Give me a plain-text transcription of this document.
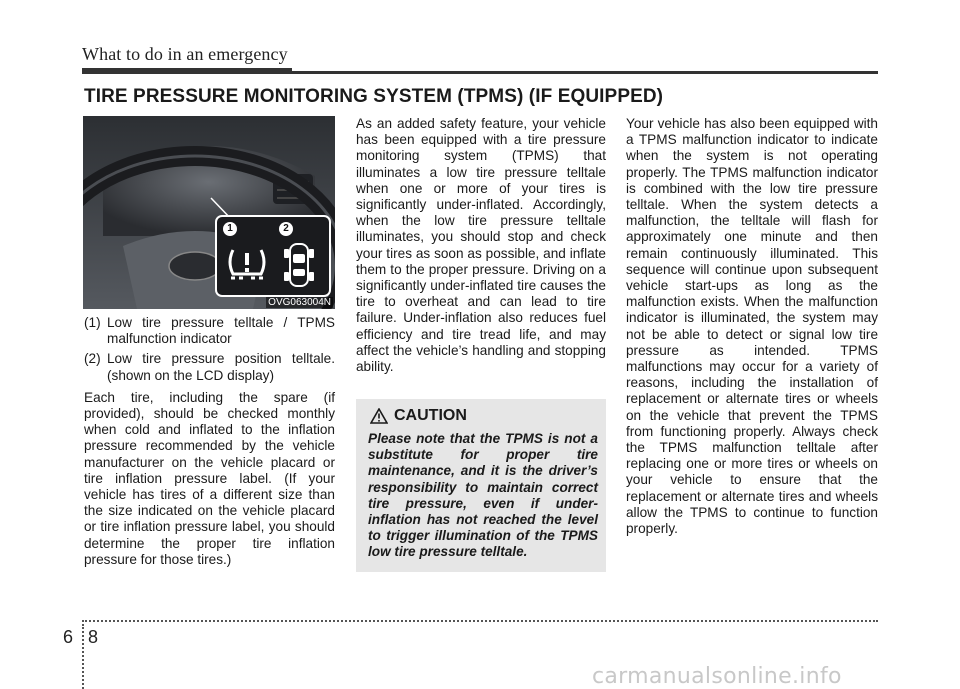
What to do in an emergency
TIRE PRESSURE MONITORING SYSTEM (TPMS) (IF EQUIPPED)
1	2
OVG063004N
(1) Low tire pressure telltale / TPMS malfunction indicator
(2) Low tire pressure position telltale. (shown on the LCD display)

Each tire, including the spare (if provided), should be checked monthly when cold and inflated to the inflation pressure recommended by the vehicle manufacturer on the vehicle placard or tire inflation pressure label. (If your vehicle has tires of a different size than the size indicated on the vehicle placard or tire inflation pressure label, you should determine the proper tire inflation pressure for those tires.)

As an added safety feature, your vehicle has been equipped with a tire pressure monitoring system (TPMS) that illuminates a low tire pressure telltale when one or more of your tires is significantly under-inflated. Accordingly, when the low tire pressure telltale illuminates, you should stop and check your tires as soon as possible, and inflate them to the proper pressure. Driving on a significantly under-inflated tire causes the tire to overheat and can lead to tire failure. Under-inflation also reduces fuel efficiency and tire tread life, and may affect the vehicle’s handling and stopping ability.

CAUTION
Please note that the TPMS is not a substitute for proper tire maintenance, and it is the driver’s responsibility to maintain correct tire pressure, even if under-inflation has not reached the level to trigger illumination of the TPMS low tire pressure telltale.

Your vehicle has also been equipped with a TPMS malfunction indicator to indicate when the system is not operating properly. The TPMS malfunction indicator is combined with the low tire pressure telltale. When the system detects a malfunction, the telltale will flash for approximately one minute and then remain continuously illuminated. This sequence will continue upon subsequent vehicle start-ups as long as the malfunction exists. When the malfunction indicator is illuminated, the system may not be able to detect or signal low tire pressure as intended. TPMS malfunctions may occur for a variety of reasons, including the installation of replacement or alternate tires or wheels on the vehicle that prevent the TPMS from functioning properly. Always check the TPMS malfunction telltale after replacing one or more tires or wheels on your vehicle to ensure that the replacement or alternate tires and wheels allow the TPMS to continue to function properly.

6 8
carmanualsonline.info
